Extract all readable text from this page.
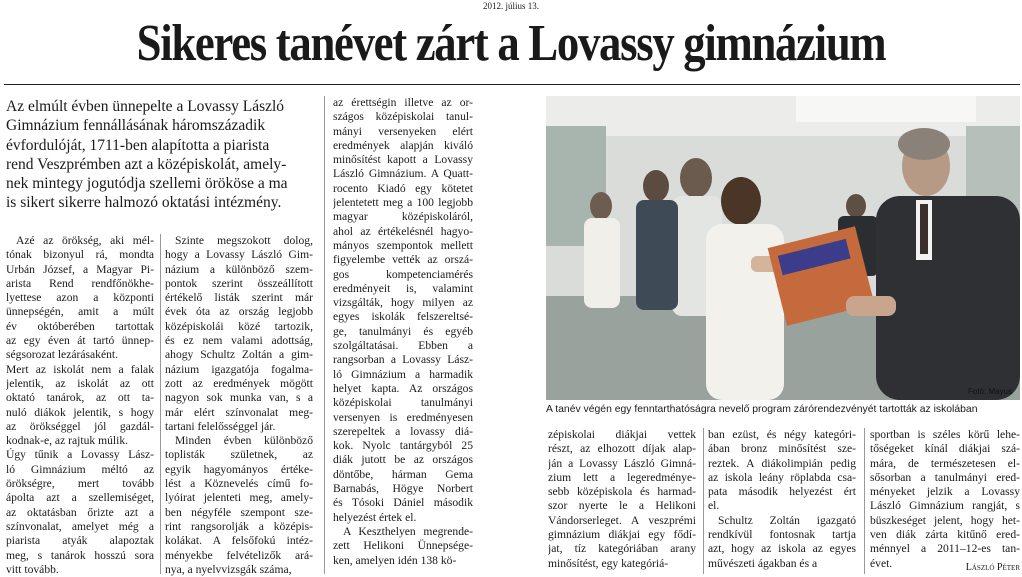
2012. július 13.
Sikeres tanévet zárt a Lovassy gimnázium
Az elmúlt évben ünnepelte a Lovassy László
Gimnázium fennállásának háromszázadik
évfordulóját, 1711-ben alapította a piarista
rend Veszprémben azt a középiskolát, amely-
nek mintegy jogutódja szellemi örököse a ma
is sikert sikerre halmozó oktatási intézmény.
Azé az örökség, aki mél-
tónak bizonyul rá, mondta
Urbán József, a Magyar Pi-
arista Rend rendfőnökhe-
lyettese azon a központi
ünnepségén, amit a múlt
év októberében tartottak
az egy éven át tartó ünnep-
ségsorozat lezárásaként.
Mert az iskolát nem a falak
jelentik, az iskolát az ott
oktató tanárok, az ott ta-
nuló diákok jelentik, s hogy
az örökséggel jól gazdál-
kodnak-e, az rajtuk múlik.
Úgy tűnik a Lovassy Lász-
ló Gimnázium méltó az
örökségre, mert tovább
ápolta azt a szellemiséget,
az oktatásban őrizte azt a
színvonalat, amelyet még a
piarista atyák alapoztak
meg, s tanárok hosszú sora
vitt tovább.
Szinte megszokott dolog,
hogy a Lovassy László Gim-
názium a különböző szem-
pontok szerint összeállított
értékelő listák szerint már
évek óta az ország legjobb
középiskolái közé tartozik,
és ez nem valami adottság,
ahogy Schultz Zoltán a gim-
názium igazgatója fogalma-
zott az eredmények mögött
nagyon sok munka van, s a
már elért színvonalat meg-
tartani felelősséggel jár.
Minden évben különböző
toplisták születnek, az
egyik hagyományos értéke-
lést a Köznevelés című fo-
lyóirat jelenteti meg, amely-
ben négyféle szempont sze-
rint rangsorolják a középis-
kolákat. A felsőfokú intéz-
ményekbe felvételizők ará-
nya, a nyelvvizsgák száma,
az érettségin illetve az or-
szágos középiskolai tanul-
mányi versenyeken elért
eredmények alapján kiváló
minősítést kapott a Lovassy
László Gimnázium. A Quatt-
rocento Kiadó egy kötetet
jelentetett meg a 100 legjobb
magyar középiskoláról,
ahol az értékelésnél hagyo-
mányos szempontok mellett
figyelembe vették az orszá-
gos kompetenciamérés
eredményeit is, valamint
vizsgálták, hogy milyen az
egyes iskolák felszereltsé-
ge, tanulmányi és egyéb
szolgáltatásai. Ebben a
rangsorban a Lovassy Lász-
ló Gimnázium a harmadik
helyet kapta. Az országos
középiskolai tanulmányi
versenyen is eredményesen
szerepeltek a lovassy diá-
kok. Nyolc tantárgyból 25
diák jutott be az országos
döntőbe, hárman Gema
Barnabás, Högye Norbert
és Tósoki Dániel második
helyezést értek el.
A Keszthelyen megrende-
zett Helikoni Ünnepsége-
ken, amelyen idén 138 kö-
zépiskolai diákjai vettek
részt, az elhozott díjak alap-
ján a Lovassy László Gimná-
zium lett a legeredménye-
sebb középiskola és harmad-
szor nyerte le a Helikoni
Vándorserleget. A veszprémi
gimnázium diákjai egy fődí-
jat, tíz kategóriában arany
minősítést, egy kategóriá-
ban ezüst, és négy kategóri-
ában bronz minősítést sze-
reztek. A diákolimpián pedig
az iskola leány röplabda csa-
pata második helyezést ért
el.
Schultz Zoltán igazgató
rendkívül fontosnak tartja
azt, hogy az iskola az egyes
művészeti ágakban és a
sportban is széles körű lehe-
tőségeket kínál diákjai szá-
mára, de természetesen el-
sősorban a tanulmányi ered-
ményeket jelzik a Lovassy
László Gimnázium rangját, s
büszkeséget jelent, hogy het-
ven diák zárta kitűnő ered-
ménnyel a 2011–12-es tan-
évet.
Fotó: Mayus
A tanév végén egy fenntarthatóságra nevelő program zárórendezvényét tartották az iskolában
László Péter
